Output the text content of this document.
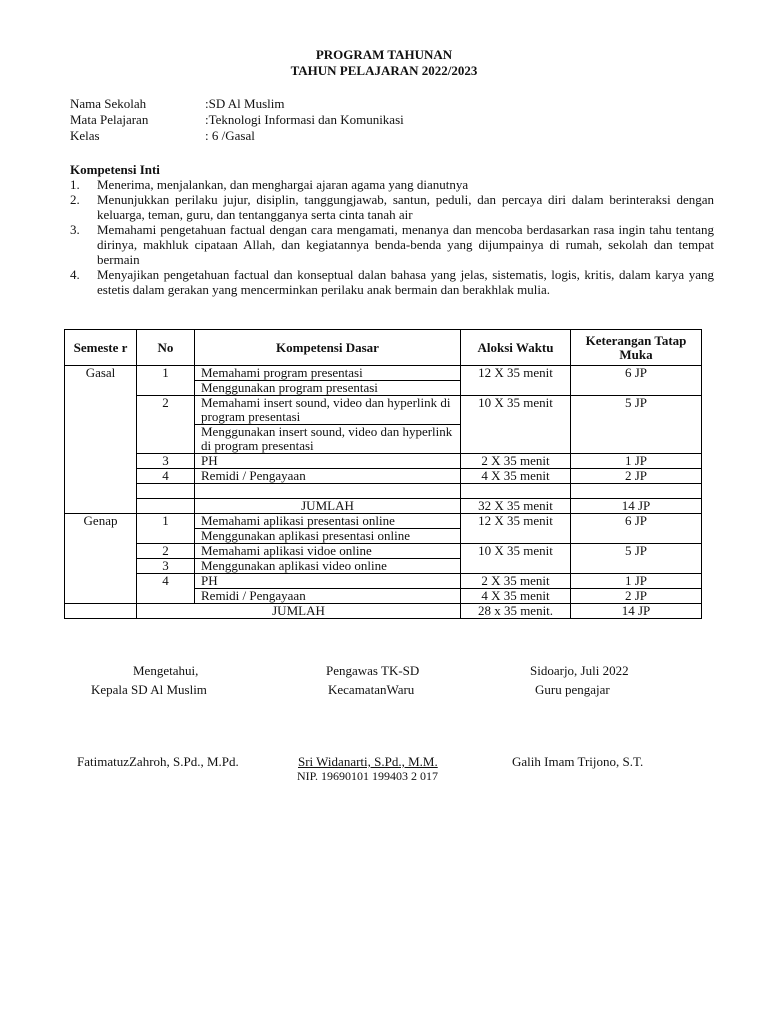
PROGRAM TAHUNAN
TAHUN PELAJARAN 2022/2023
Nama Sekolah	:SD Al Muslim
Mata Pelajaran	:Teknologi Informasi dan Komunikasi
Kelas	: 6 /Gasal
Kompetensi Inti
1. Menerima, menjalankan, dan menghargai ajaran agama yang dianutnya
2. Menunjukkan perilaku jujur, disiplin, tanggungjawab, santun, peduli, dan percaya diri dalam berinteraksi dengan keluarga, teman, guru, dan tentangganya serta cinta tanah air
3. Memahami pengetahuan factual dengan cara mengamati, menanya dan mencoba berdasarkan rasa ingin tahu tentang dirinya, makhluk cipataan Allah, dan kegiatannya benda-benda yang dijumpainya di rumah, sekolah dan tempat bermain
4. Menyajikan pengetahuan factual dan konseptual dalan bahasa yang jelas, sistematis, logis, kritis, dalam karya yang estetis dalam gerakan yang mencerminkan perilaku anak bermain dan berakhlak mulia.
Semeste r	No	Kompetensi Dasar	Aloksi Waktu	Keterangan Tatap Muka
Gasal	1	Memahami program presentasi	12 X 35 menit	6 JP
		Menggunakan program presentasi		
	2	Memahami insert sound, video dan hyperlink di program presentasi	10 X 35 menit	5 JP
		Menggunakan insert sound, video dan hyperlink di program presentasi		
	3	PH	2 X 35 menit	1 JP
	4	Remidi / Pengayaan	4 X 35 menit	2 JP

		JUMLAH	32 X 35 menit	14 JP
Genap	1	Memahami aplikasi presentasi online	12 X 35 menit	6 JP
		Menggunakan aplikasi presentasi online		
	2	Memahami aplikasi vidoe online	10 X 35 menit	5 JP
	3	Menggunakan aplikasi video online		
	4	PH	2 X 35 menit	1 JP
		Remidi / Pengayaan	4 X 35 menit	2 JP
	JUMLAH		28 x 35 menit.	14 JP
Mengetahui,
Kepala SD Al Muslim
FatimatuzZahroh, S.Pd., M.Pd.
Pengawas TK-SD
KecamatanWaru
Sri Widanarti, S.Pd., M.M.
NIP. 19690101 199403 2 017
Sidoarjo, Juli 2022
Guru pengajar
Galih Imam Trijono, S.T.
